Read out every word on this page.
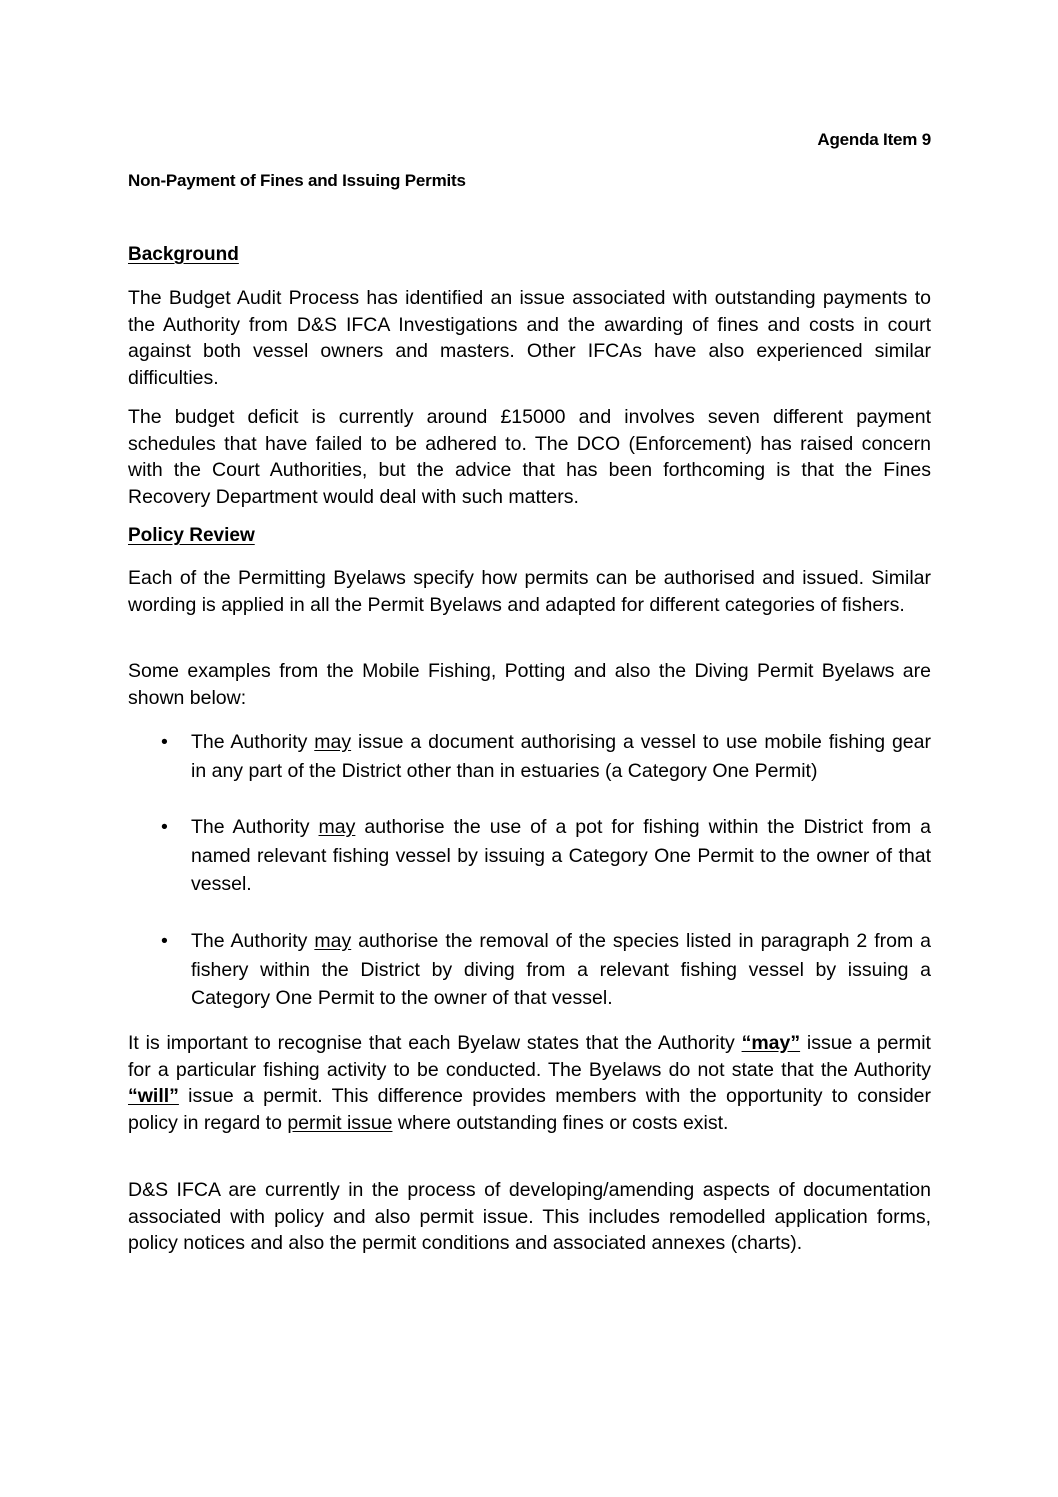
Agenda Item 9
Non-Payment of Fines and Issuing Permits
Background

The Budget Audit Process has identified an issue associated with outstanding payments to the Authority from D&S IFCA Investigations and the awarding of fines and costs in court against both vessel owners and masters. Other IFCAs have also experienced similar difficulties.

The budget deficit is currently around £15000 and involves seven different payment schedules that have failed to be adhered to. The DCO (Enforcement) has raised concern with the Court Authorities, but the advice that has been forthcoming is that the Fines Recovery Department would deal with such matters.

Policy Review

Each of the Permitting Byelaws specify how permits can be authorised and issued. Similar wording is applied in all the Permit Byelaws and adapted for different categories of fishers.

Some examples from the Mobile Fishing, Potting and also the Diving Permit Byelaws are shown below:

• The Authority may issue a document authorising a vessel to use mobile fishing gear in any part of the District other than in estuaries (a Category One Permit)

• The Authority may authorise the use of a pot for fishing within the District from a named relevant fishing vessel by issuing a Category One Permit to the owner of that vessel.

• The Authority may authorise the removal of the species listed in paragraph 2 from a fishery within the District by diving from a relevant fishing vessel by issuing a Category One Permit to the owner of that vessel.

It is important to recognise that each Byelaw states that the Authority “may” issue a permit for a particular fishing activity to be conducted. The Byelaws do not state that the Authority “will” issue a permit. This difference provides members with the opportunity to consider policy in regard to permit issue where outstanding fines or costs exist.

D&S IFCA are currently in the process of developing/amending aspects of documentation associated with policy and also permit issue. This includes remodelled application forms, policy notices and also the permit conditions and associated annexes (charts).
